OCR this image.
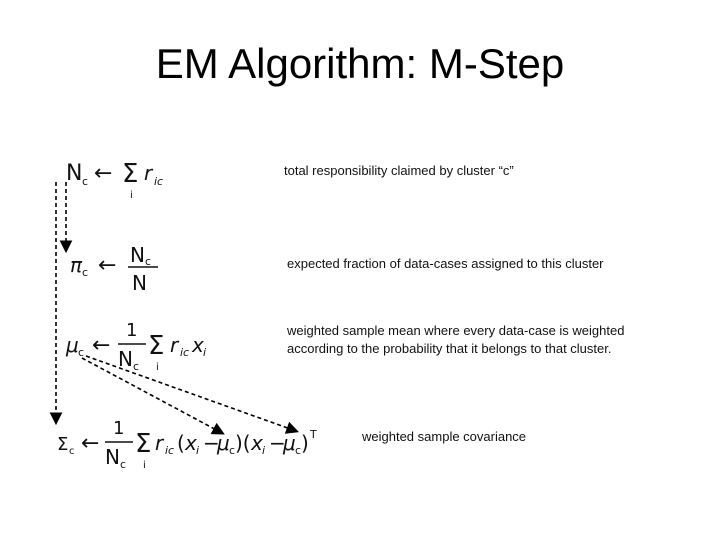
EM Algorithm: M-Step
N c ← Σ
i
r ic
π c ← N c
N
μ c ←
1
N c
Σ
i
r ic x i
Σ c ←
1
N c
Σ
i
r ic ( x i −
μ c )( x i −
μ c ) T
total responsibility claimed by cluster “c”
expected fraction of data-cases assigned to this cluster
weighted sample mean where every data-case is weighted
according to the probability that it belongs to that cluster.
weighted sample covariance
